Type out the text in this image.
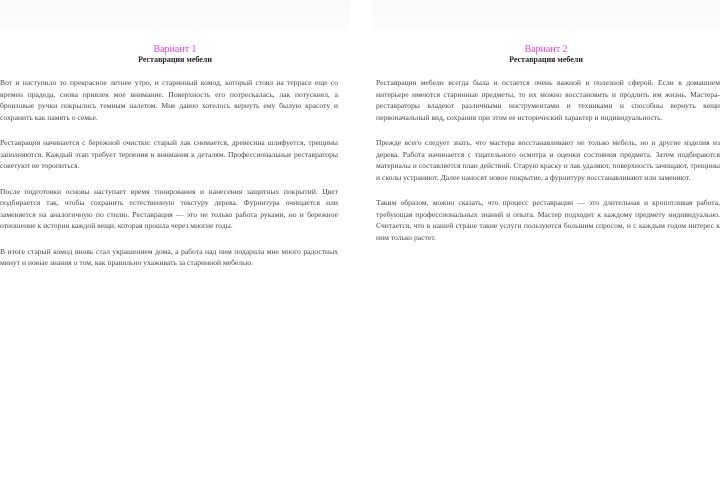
Вариант 1
Реставрация мебели

Вот и наступило то прекрасное летнее утро, и старинный комод, который стоял на террасе еще со времен прадеда, снова привлек мое внимание. Поверхность его потрескалась, лак потускнел, а бронзовые ручки покрылись темным налетом. Мне давно хотелось вернуть ему былую красоту и сохранить как память о семье.

Реставрация начинается с бережной очистки: старый лак снимается, древесина шлифуется, трещины заполняются. Каждый этап требует терпения и внимания к деталям. Профессиональные реставраторы советуют не торопиться.

После подготовки основы наступает время тонирования и нанесения защитных покрытий. Цвет подбирается так, чтобы сохранить естественную текстуру дерева. Фурнитура очищается или заменяется на аналогичную по стилю. Реставрация — это не только работа руками, но и бережное отношение к истории каждой вещи, которая прошла через многие годы.

В итоге старый комод вновь стал украшением дома, а работа над ним подарила мне много радостных минут и новые знания о том, как правильно ухаживать за старинной мебелью.

Вариант 2
Реставрация мебели

Реставрация мебели всегда была и остается очень важной и полезной сферой. Если в домашнем интерьере имеются старинные предметы, то их можно восстановить и продлить им жизнь. Мастера-реставраторы владеют различными инструментами и техниками и способны вернуть вещи первоначальный вид, сохранив при этом ее исторический характер и индивидуальность.

Прежде всего следует знать, что мастера восстанавливают не только мебель, но и другие изделия из дерева. Работа начинается с тщательного осмотра и оценки состояния предмета. Затем подбираются материалы и составляется план действий. Старую краску и лак удаляют, поверхность зачищают, трещины и сколы устраняют. Далее наносят новое покрытие, а фурнитуру восстанавливают или заменяют.

Таким образом, можно сказать, что процесс реставрации — это длительная и кропотливая работа, требующая профессиональных знаний и опыта. Мастер подходит к каждому предмету индивидуально. Считается, что в нашей стране такие услуги пользуются большим спросом, и с каждым годом интерес к ним только растет.
